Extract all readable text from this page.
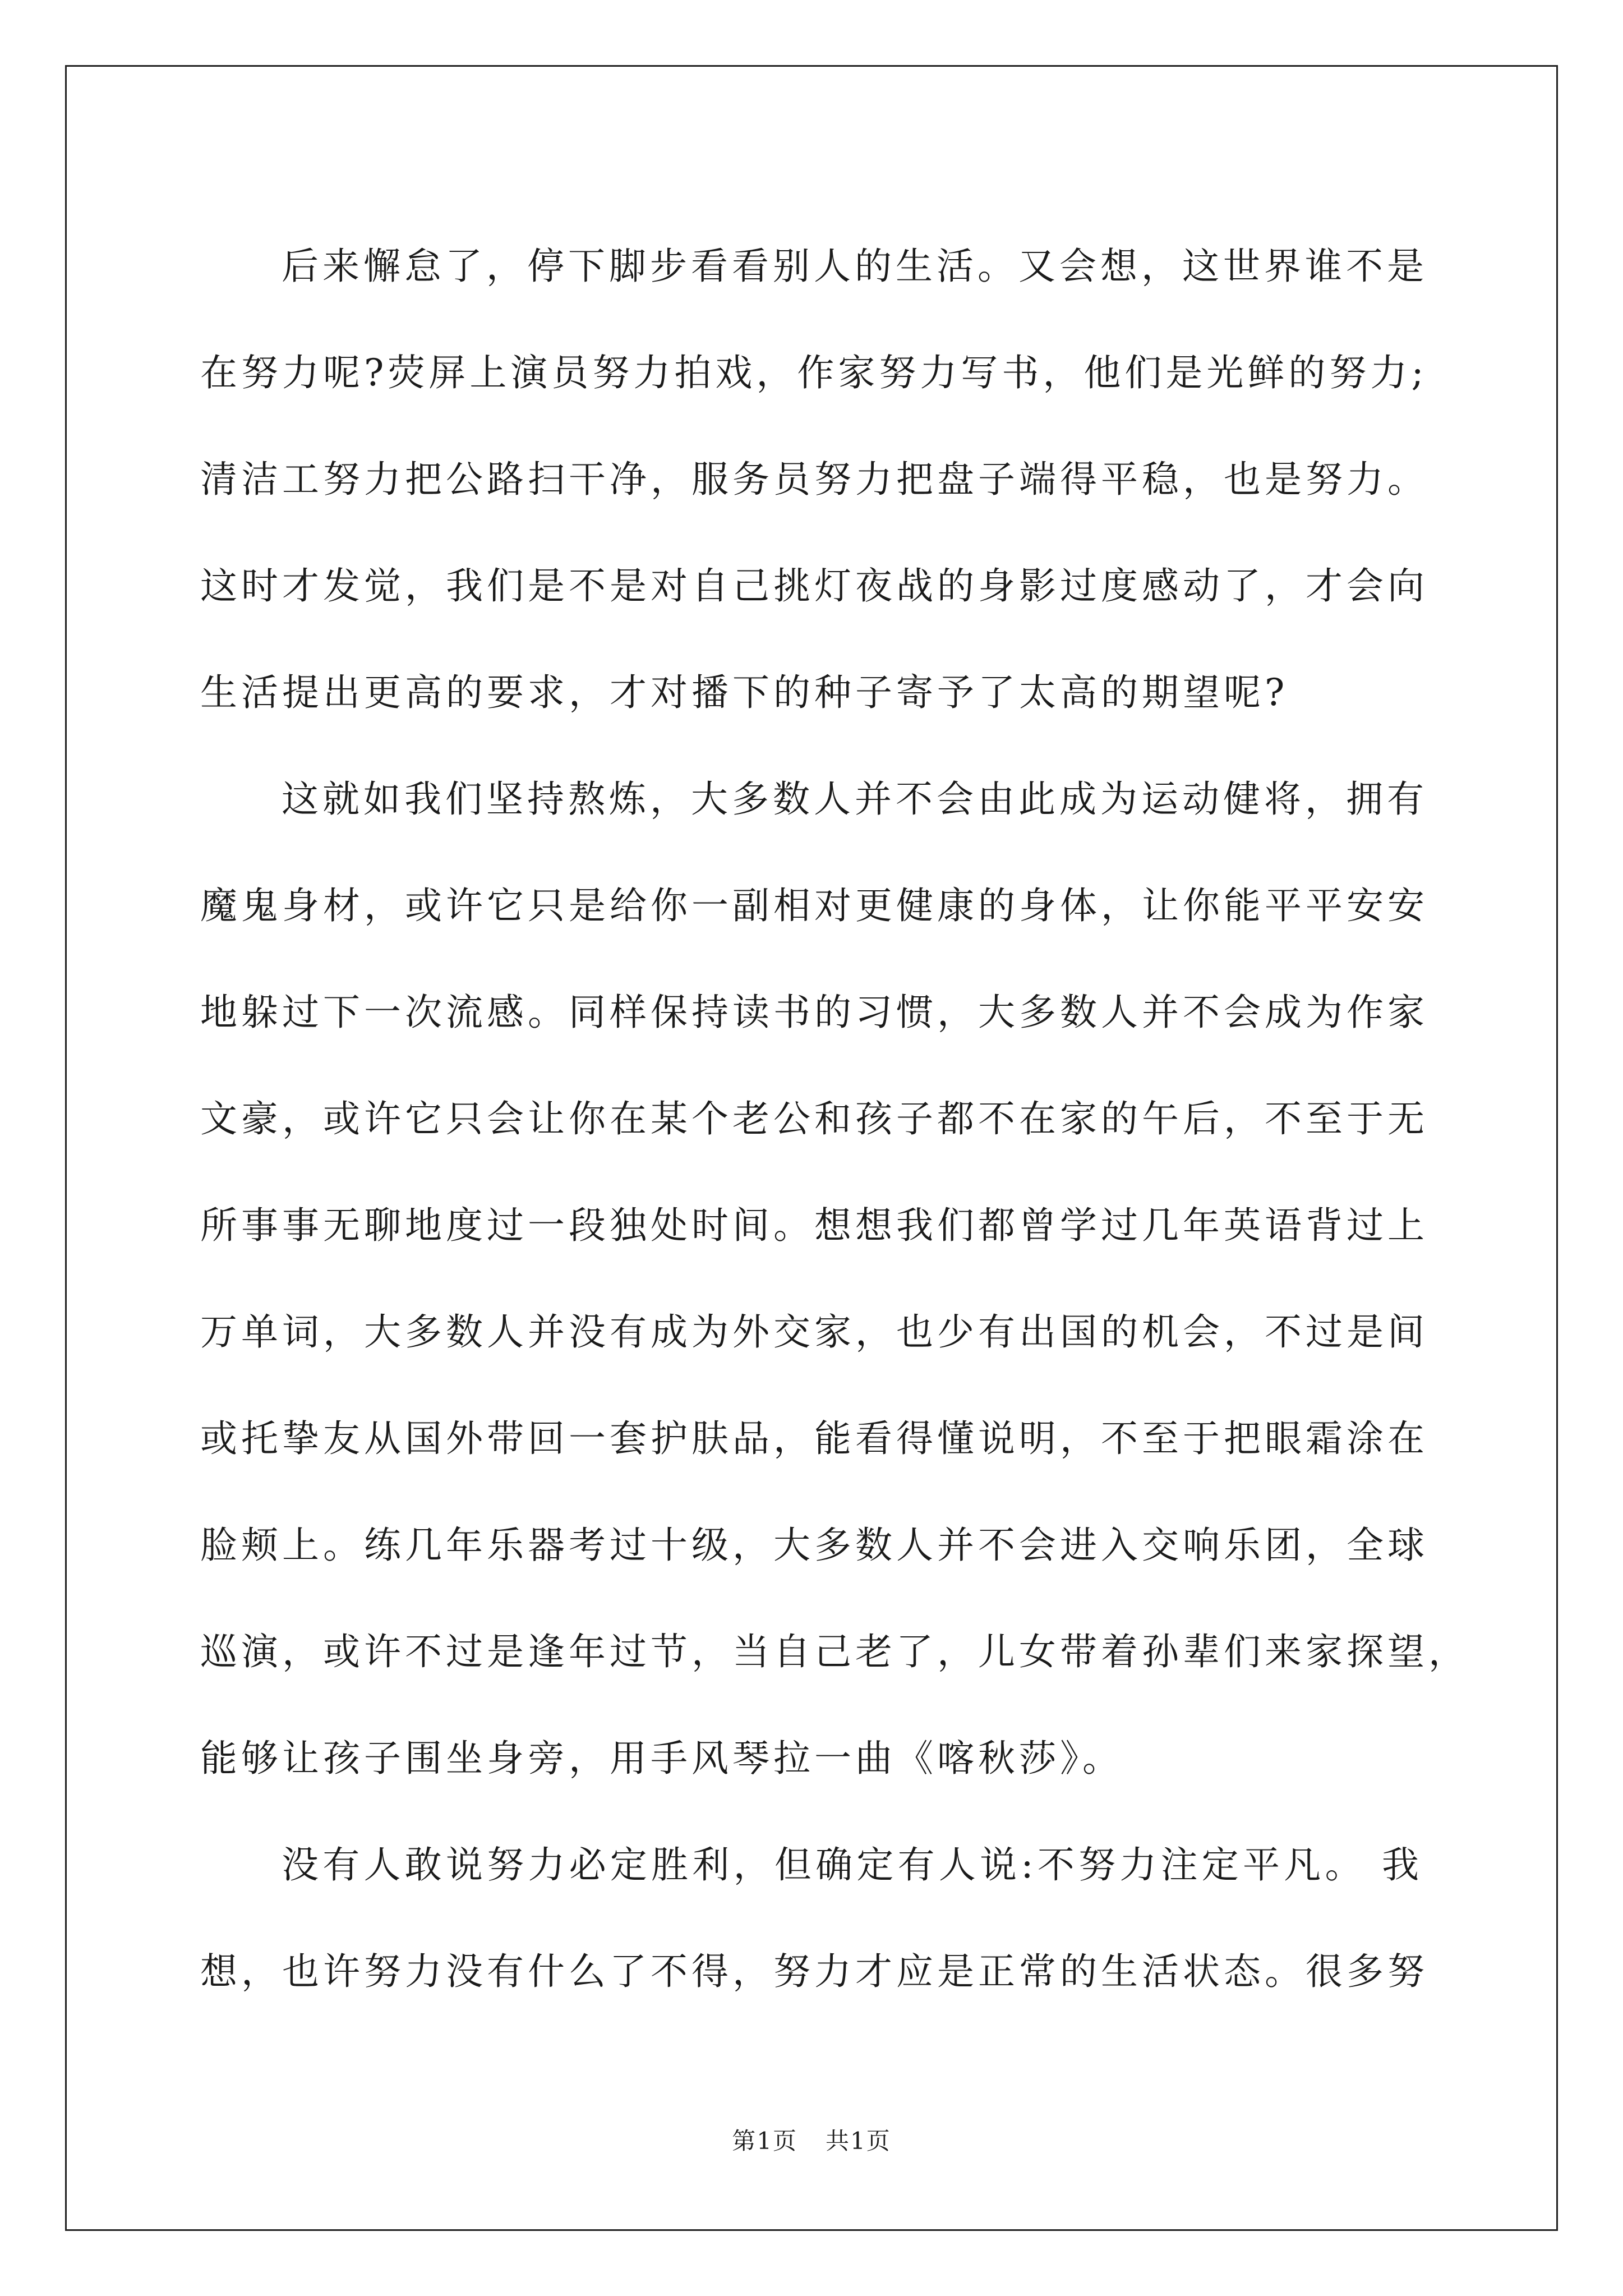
后来懈怠了，停下脚步看看别人的生活。又会想，这世界谁不是
在努力呢?荧屏上演员努力拍戏，作家努力写书，他们是光鲜的努力;
清洁工努力把公路扫干净，服务员努力把盘子端得平稳，也是努力。
这时才发觉，我们是不是对自己挑灯夜战的身影过度感动了，才会向
生活提出更高的要求，才对播下的种子寄予了太高的期望呢?
这就如我们坚持熬炼，大多数人并不会由此成为运动健将，拥有
魔鬼身材，或许它只是给你一副相对更健康的身体，让你能平平安安
地躲过下一次流感。同样保持读书的习惯，大多数人并不会成为作家
文豪，或许它只会让你在某个老公和孩子都不在家的午后，不至于无
所事事无聊地度过一段独处时间。想想我们都曾学过几年英语背过上
万单词，大多数人并没有成为外交家，也少有出国的机会，不过是间
或托挚友从国外带回一套护肤品，能看得懂说明，不至于把眼霜涂在
脸颊上。练几年乐器考过十级，大多数人并不会进入交响乐团，全球
巡演，或许不过是逢年过节，当自己老了，儿女带着孙辈们来家探望，
能够让孩子围坐身旁，用手风琴拉一曲《喀秋莎》。
没有人敢说努力必定胜利，但确定有人说:不努力注定平凡。 我
想，也许努力没有什么了不得，努力才应是正常的生活状态。很多努
第1页 共1页
